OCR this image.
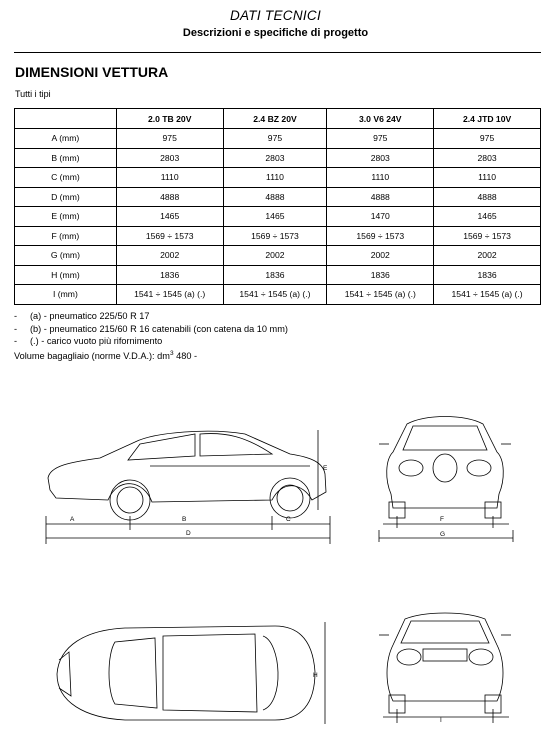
DATI TECNICI
Descrizioni e specifiche di progetto
DIMENSIONI VETTURA
Tutti i tipi
	2.0 TB 20V	2.4 BZ 20V	3.0 V6 24V	2.4 JTD 10V
A (mm)	975	975	975	975
B (mm)	2803	2803	2803	2803
C (mm)	1110	1110	1110	1110
D (mm)	4888	4888	4888	4888
E (mm)	1465	1465	1470	1465
F (mm)	1569 ÷ 1573	1569 ÷ 1573	1569 ÷ 1573	1569 ÷ 1573
G (mm)	2002	2002	2002	2002
H (mm)	1836	1836	1836	1836
I (mm)	1541 ÷ 1545 (a) (.)	1541 ÷ 1545 (a) (.)	1541 ÷ 1545 (a) (.)	1541 ÷ 1545 (a) (.)
- (a) - pneumatico 225/50 R 17
- (b) - pneumatico 215/60 R 16 catenabili (con catena da 10 mm)
- (.) - carico vuoto più rifornimento
Volume bagagliaio (norme V.D.A.): $dm^3$ 480 -
A	B	C
D
E
F
G
H
I
